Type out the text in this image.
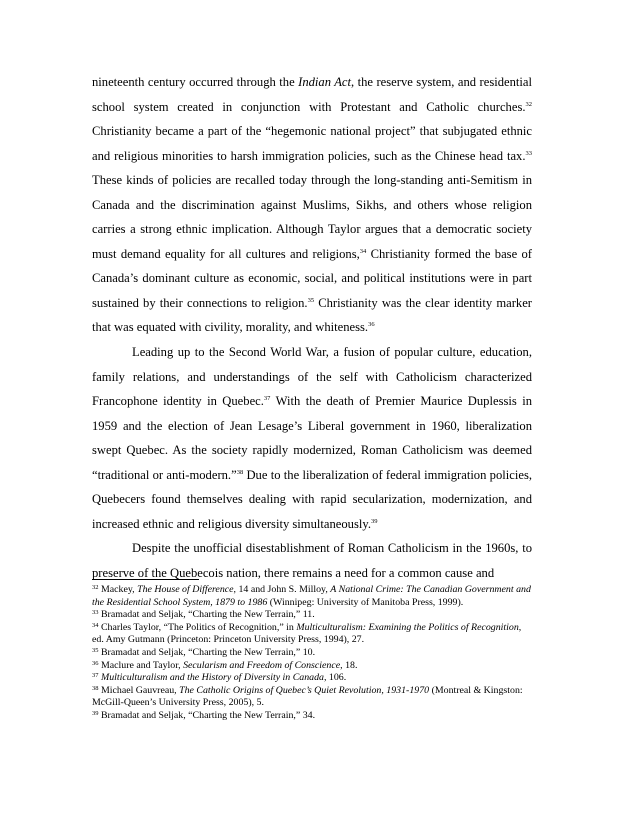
nineteenth century occurred through the Indian Act, the reserve system, and residential school system created in conjunction with Protestant and Catholic churches.$^{32}$ Christianity became a part of the “hegemonic national project” that subjugated ethnic and religious minorities to harsh immigration policies, such as the Chinese head tax.$^{33}$ These kinds of policies are recalled today through the long-standing anti-Semitism in Canada and the discrimination against Muslims, Sikhs, and others whose religion carries a strong ethnic implication. Although Taylor argues that a democratic society must demand equality for all cultures and religions,$^{34}$ Christianity formed the base of Canada’s dominant culture as economic, social, and political institutions were in part sustained by their connections to religion.$^{35}$ Christianity was the clear identity marker that was equated with civility, morality, and whiteness.$^{36}$

Leading up to the Second World War, a fusion of popular culture, education, family relations, and understandings of the self with Catholicism characterized Francophone identity in Quebec.$^{37}$ With the death of Premier Maurice Duplessis in 1959 and the election of Jean Lesage’s Liberal government in 1960, liberalization swept Quebec. As the society rapidly modernized, Roman Catholicism was deemed “traditional or anti-modern.”$^{38}$ Due to the liberalization of federal immigration policies, Quebecers found themselves dealing with rapid secularization, modernization, and increased ethnic and religious diversity simultaneously.$^{39}$

Despite the unofficial disestablishment of Roman Catholicism in the 1960s, to preserve of the Quebecois nation, there remains a need for a common cause and

$^{32}$ Mackey, The House of Difference, 14 and John S. Milloy, A National Crime: The Canadian Government and the Residential School System, 1879 to 1986 (Winnipeg: University of Manitoba Press, 1999).
$^{33}$ Bramadat and Seljak, “Charting the New Terrain,” 11.
$^{34}$ Charles Taylor, “The Politics of Recognition,” in Multiculturalism: Examining the Politics of Recognition, ed. Amy Gutmann (Princeton: Princeton University Press, 1994), 27.
$^{35}$ Bramadat and Seljak, “Charting the New Terrain,” 10.
$^{36}$ Maclure and Taylor, Secularism and Freedom of Conscience, 18.
$^{37}$ Multiculturalism and the History of Diversity in Canada, 106.
$^{38}$ Michael Gauvreau, The Catholic Origins of Quebec’s Quiet Revolution, 1931-1970 (Montreal & Kingston: McGill-Queen’s University Press, 2005), 5.
$^{39}$ Bramadat and Seljak, “Charting the New Terrain,” 34.
